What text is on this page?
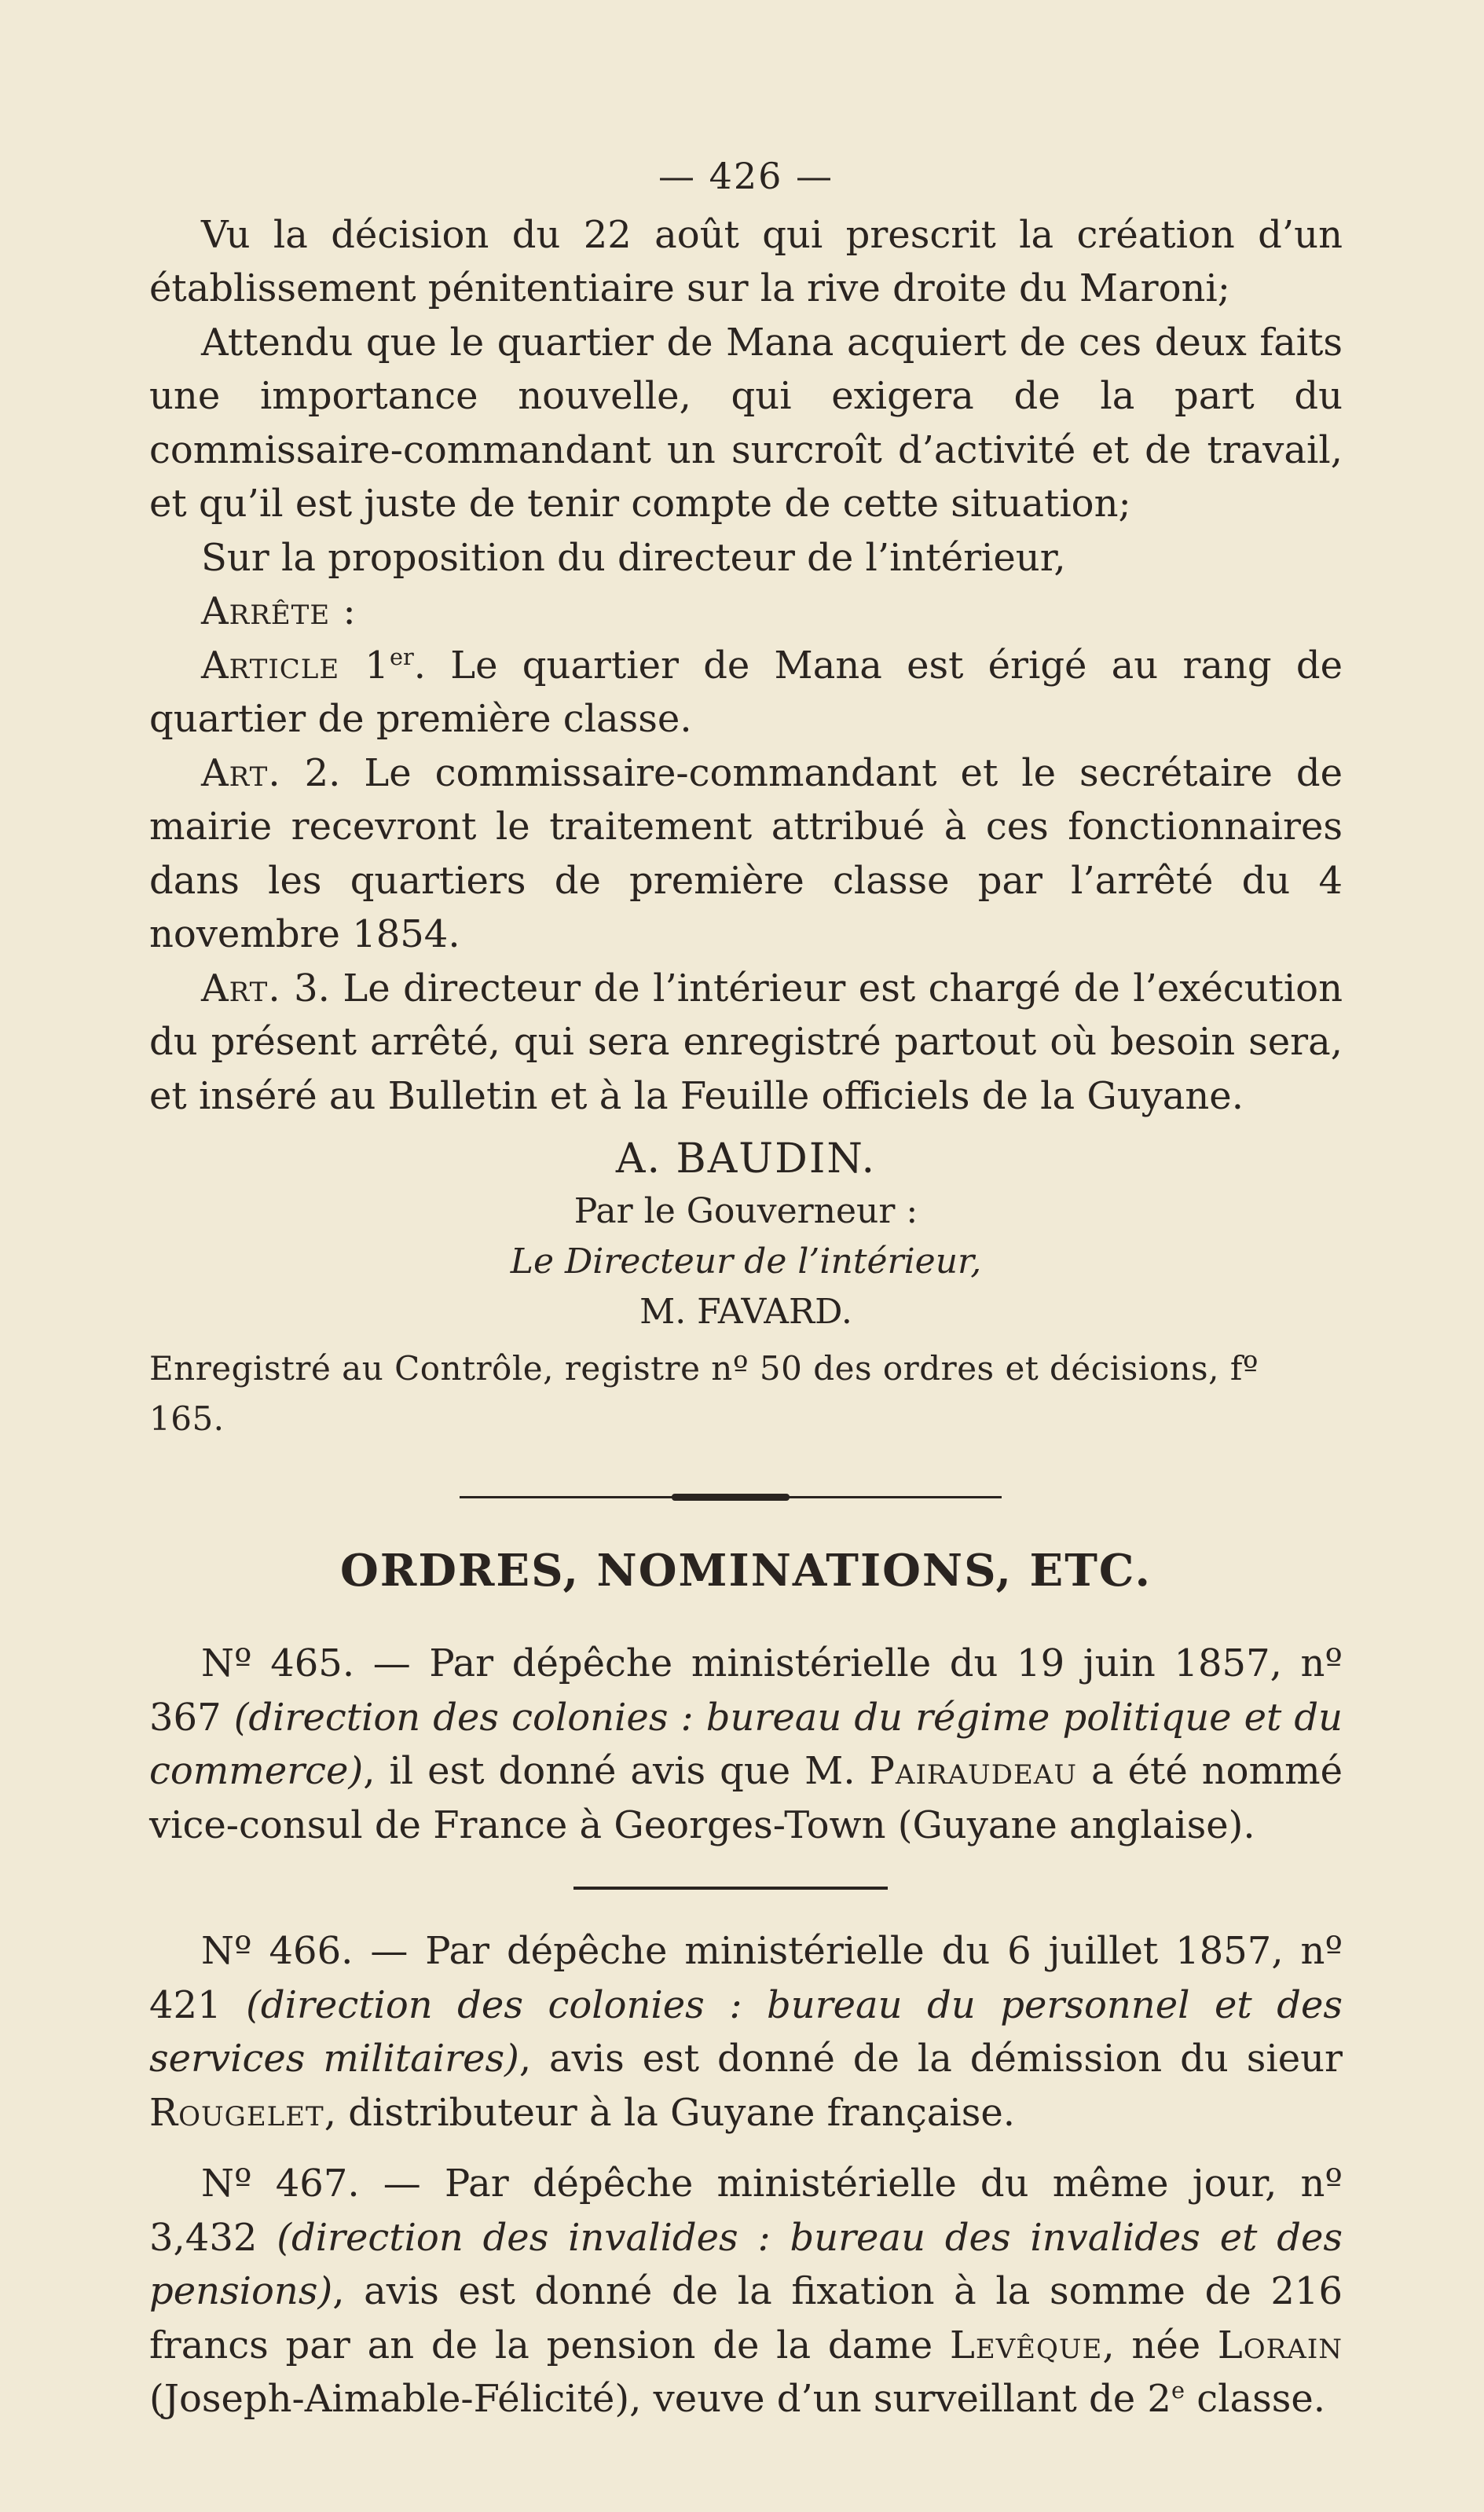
— 426 —

Vu la décision du 22 août qui prescrit la création d’un établissement pénitentiaire sur la rive droite du Maroni;

Attendu que le quartier de Mana acquiert de ces deux faits une importance nouvelle, qui exigera de la part du commissaire-commandant un surcroît d’activité et de travail, et qu’il est juste de tenir compte de cette situation;

Sur la proposition du directeur de l’intérieur,

Arrête :

Article 1er. Le quartier de Mana est érigé au rang de quartier de première classe.

Art. 2. Le commissaire-commandant et le secrétaire de mairie recevront le traitement attribué à ces fonctionnaires dans les quartiers de première classe par l’arrêté du 4 novembre 1854.

Art. 3. Le directeur de l’intérieur est chargé de l’exécution du présent arrêté, qui sera enregistré partout où besoin sera, et inséré au Bulletin et à la Feuille officiels de la Guyane.

A. BAUDIN.
Par le Gouverneur :
Le Directeur de l’intérieur,
M. FAVARD.
Enregistré au Contrôle, registre nº 50 des ordres et décisions, fº 165.
ORDRES, NOMINATIONS, ETC.

Nº 465. — Par dépêche ministérielle du 19 juin 1857, nº 367 (direction des colonies : bureau du régime politique et du commerce), il est donné avis que M. Pairaudeau a été nommé vice-consul de France à Georges-Town (Guyane anglaise).

Nº 466. — Par dépêche ministérielle du 6 juillet 1857, nº 421 (direction des colonies : bureau du personnel et des services militaires), avis est donné de la démission du sieur Rougelet, distributeur à la Guyane française.

Nº 467. — Par dépêche ministérielle du même jour, nº 3,432 (direction des invalides : bureau des invalides et des pensions), avis est donné de la fixation à la somme de 216 francs par an de la pension de la dame Levêque, née Lorain (Joseph-Aimable-Félicité), veuve d’un surveillant de 2e classe.
